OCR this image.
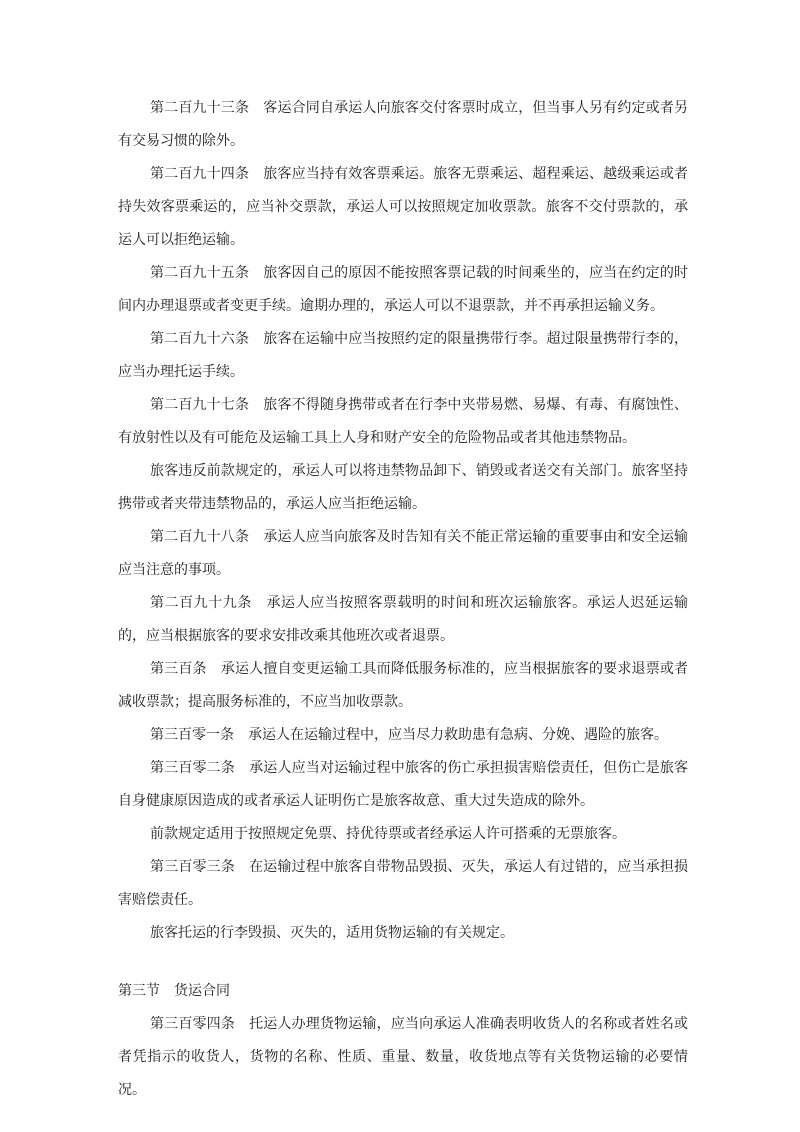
第二百九十三条　客运合同自承运人向旅客交付客票时成立，但当事人另有约定或者另有交易习惯的除外。

第二百九十四条　旅客应当持有效客票乘运。旅客无票乘运、超程乘运、越级乘运或者持失效客票乘运的，应当补交票款，承运人可以按照规定加收票款。旅客不交付票款的，承运人可以拒绝运输。

第二百九十五条　旅客因自己的原因不能按照客票记载的时间乘坐的，应当在约定的时间内办理退票或者变更手续。逾期办理的，承运人可以不退票款，并不再承担运输义务。

第二百九十六条　旅客在运输中应当按照约定的限量携带行李。超过限量携带行李的，应当办理托运手续。

第二百九十七条　旅客不得随身携带或者在行李中夹带易燃、易爆、有毒、有腐蚀性、有放射性以及有可能危及运输工具上人身和财产安全的危险物品或者其他违禁物品。

旅客违反前款规定的，承运人可以将违禁物品卸下、销毁或者送交有关部门。旅客坚持携带或者夹带违禁物品的，承运人应当拒绝运输。

第二百九十八条　承运人应当向旅客及时告知有关不能正常运输的重要事由和安全运输应当注意的事项。

第二百九十九条　承运人应当按照客票载明的时间和班次运输旅客。承运人迟延运输的，应当根据旅客的要求安排改乘其他班次或者退票。

第三百条　承运人擅自变更运输工具而降低服务标准的，应当根据旅客的要求退票或者减收票款；提高服务标准的，不应当加收票款。

第三百零一条　承运人在运输过程中，应当尽力救助患有急病、分娩、遇险的旅客。

第三百零二条　承运人应当对运输过程中旅客的伤亡承担损害赔偿责任，但伤亡是旅客自身健康原因造成的或者承运人证明伤亡是旅客故意、重大过失造成的除外。

前款规定适用于按照规定免票、持优待票或者经承运人许可搭乘的无票旅客。

第三百零三条　在运输过程中旅客自带物品毁损、灭失，承运人有过错的，应当承担损害赔偿责任。

旅客托运的行李毁损、灭失的，适用货物运输的有关规定。

第三节 货运合同

第三百零四条　托运人办理货物运输，应当向承运人准确表明收货人的名称或者姓名或者凭指示的收货人，货物的名称、性质、重量、数量，收货地点等有关货物运输的必要情况。
